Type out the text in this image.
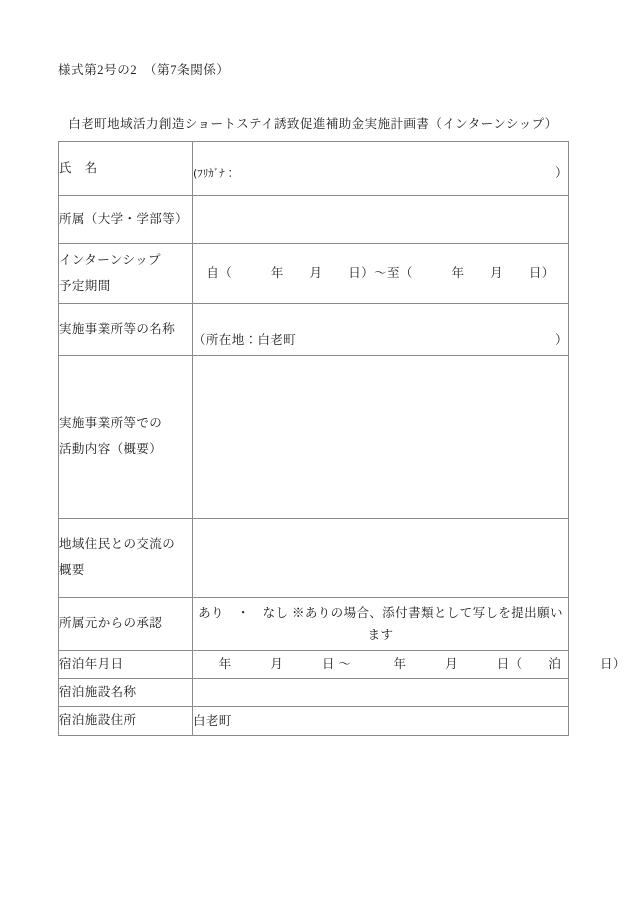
様式第2号の2　（第7条関係）
白老町地域活力創造ショートステイ誘致促進補助金実施計画書（インターンシップ）
氏　名	(ﾌﾘｶﾞﾅ： ）

所属（大学・学部等）	

インターンシップ
予定期間	自（　　　年　　月　　日）～至（　　　年　　月　　日）

実施事業所等の名称	（所在地：白老町 ）

実施事業所等での
活動内容（概要）	

地域住民との交流の
概要	

所属元からの承認	あり　・　なし ※ありの場合、添付書類として写しを提出願います

宿泊年月日	　　年　　　月　　　日 ～ 　　　年　　　月　　　日（　　泊　　　日）

宿泊施設名称	

宿泊施設住所	白老町
